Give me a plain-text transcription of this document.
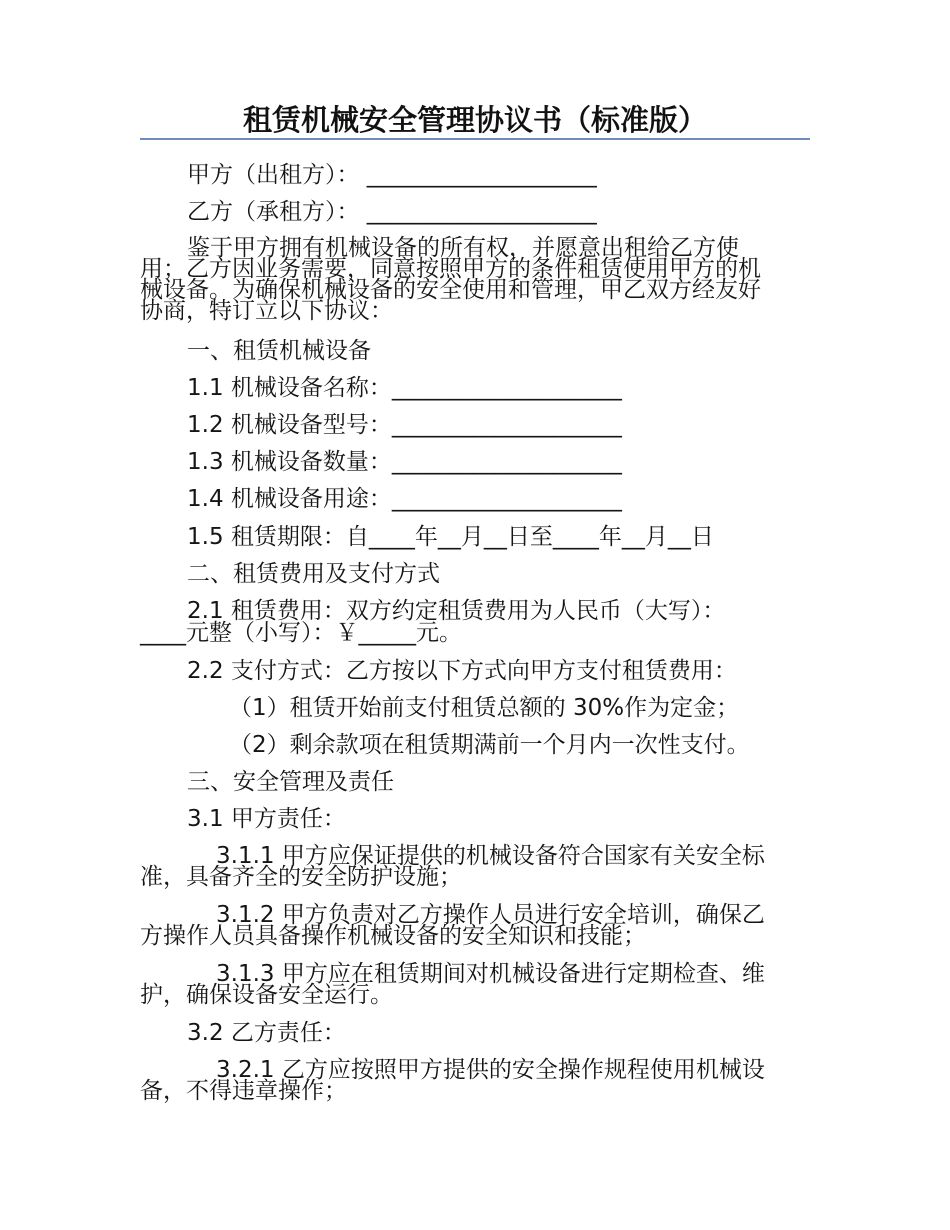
租赁机械安全管理协议书（标准版）
甲方（出租方）： ____________________
乙方（承租方）： ____________________
鉴于甲方拥有机械设备的所有权，并愿意出租给乙方使
用；乙方因业务需要，同意按照甲方的条件租赁使用甲方的机
械设备。为确保机械设备的安全使用和管理，甲乙双方经友好
协商，特订立以下协议：
一、租赁机械设备
1.1 机械设备名称：____________________
1.2 机械设备型号：____________________
1.3 机械设备数量：____________________
1.4 机械设备用途：____________________
1.5 租赁期限：自____年__月__日至____年__月__日
二、租赁费用及支付方式
2.1 租赁费用：双方约定租赁费用为人民币（大写）：
____元整（小写）：￥_____元。
2.2 支付方式：乙方按以下方式向甲方支付租赁费用：
（1）租赁开始前支付租赁总额的 30%作为定金；
（2）剩余款项在租赁期满前一个月内一次性支付。
三、安全管理及责任
3.1 甲方责任：
3.1.1 甲方应保证提供的机械设备符合国家有关安全标
准，具备齐全的安全防护设施；
3.1.2 甲方负责对乙方操作人员进行安全培训，确保乙
方操作人员具备操作机械设备的安全知识和技能；
3.1.3 甲方应在租赁期间对机械设备进行定期检查、维
护，确保设备安全运行。
3.2 乙方责任：
3.2.1 乙方应按照甲方提供的安全操作规程使用机械设
备，不得违章操作；
